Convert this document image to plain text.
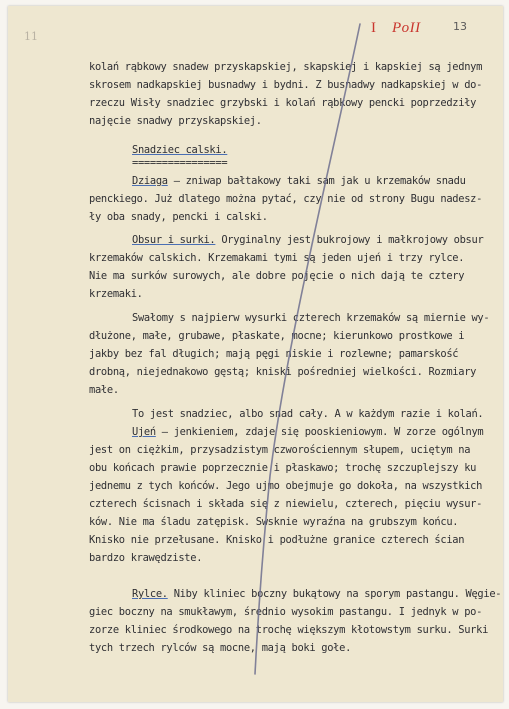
11
I PoII	13
kolań rąbkowy snadew przyskapskiej, skapskiej i kapskiej są jednym
skrosem nadkapskiej busnadwy i bydni. Z busnadwy nadkapskiej w do-
rzeczu Wisły snadziec grzybski i kolań rąbkowy pencki poprzedziły
najęcie snadwy przyskapskiej.
Snadziec calski.
================
Dziaga — zniwap bałtakowy taki sam jak u krzemaków snadu
penckiego. Już dlatego można pytać, czy nie od strony Bugu nadesz-
ły oba snady, pencki i calski.
Obsur i surki. Oryginalny jest bukrojowy i małkrojowy obsur
krzemaków calskich. Krzemakami tymi są jeden ujeń i trzy rylce.
Nie ma surków surowych, ale dobre pojęcie o nich dają te cztery
krzemaki.
Swałomy s najpierw wysurki czterech krzemaków są miernie wy-
dłużone, małe, grubawe, płaskate, mocne; kierunkowo prostkowe i
jakby bez fal długich; mają pęgi niskie i rozlewne; pamarskość
drobną, niejednakowo gęstą; kniski pośredniej wielkości. Rozmiary
małe.
To jest snadziec, albo snad cały. A w każdym razie i kolań.
Ujeń — jenkieniem, zdaje się pooskieniowym. W zorze ogólnym
jest on ciężkim, przysadzistym czworościennym słupem, uciętym na
obu końcach prawie poprzecznie i płaskawo; trochę szczuplejszy ku
jednemu z tych końców. Jego ujmo obejmuje go dokoła, na wszystkich
czterech ścisnach i składa się z niewielu, czterech, pięciu wysur-
ków. Nie ma śladu zatępisk. Swsknie wyraźna na grubszym końcu.
Knisko nie przełusane. Knisko i podłużne granice czterech ścian
bardzo krawędziste.
Rylce. Niby kliniec boczny bukątowy na sporym pastangu. Węgie-
giec boczny na smukławym, średnio wysokim pastangu. I jednyk w po-
zorze kliniec środkowego na trochę większym kłotowstym surku. Surki
tych trzech rylców są mocne, mają boki gołe.
